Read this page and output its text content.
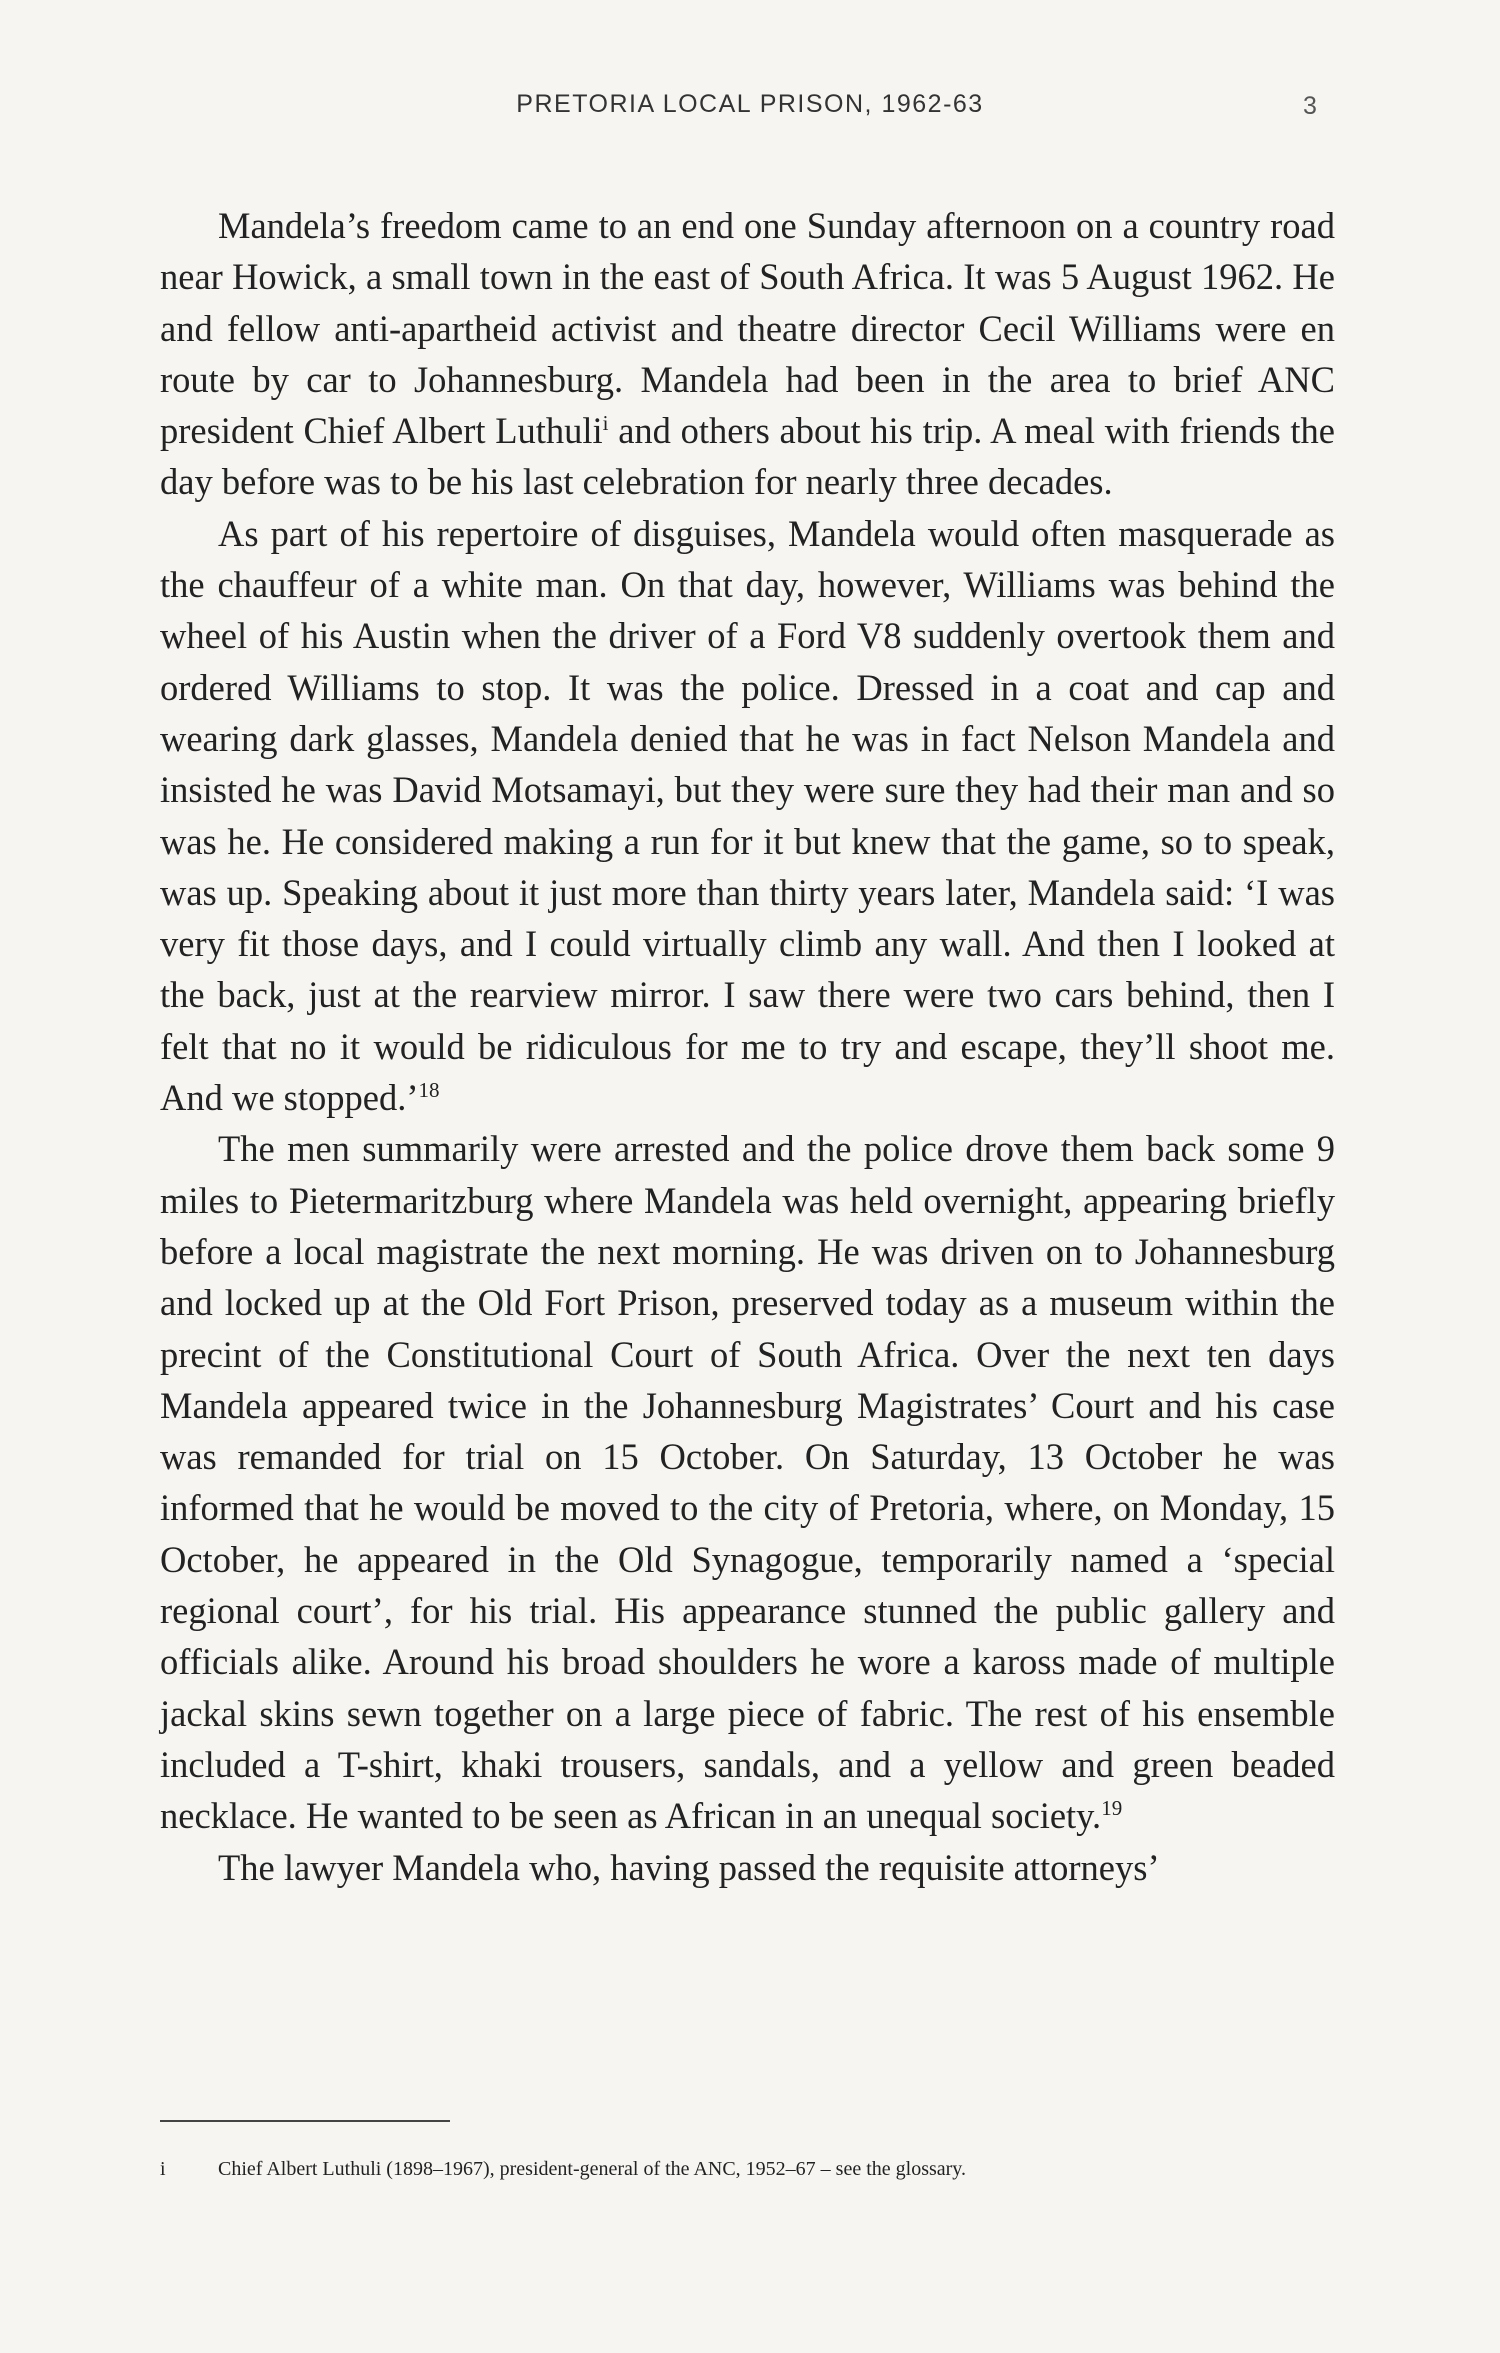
PRETORIA LOCAL PRISON, 1962-63	3

Mandela’s freedom came to an end one Sunday afternoon on a country road near Howick, a small town in the east of South Africa. It was 5 August 1962. He and fellow anti-apartheid activist and theatre director Cecil Williams were en route by car to Johannesburg. Mandela had been in the area to brief ANC president Chief Albert Luthuli$^i$ and others about his trip. A meal with friends the day before was to be his last celebration for nearly three decades.

As part of his repertoire of disguises, Mandela would often masquerade as the chauffeur of a white man. On that day, however, Williams was behind the wheel of his Austin when the driver of a Ford V8 suddenly overtook them and ordered Williams to stop. It was the police. Dressed in a coat and cap and wearing dark glasses, Mandela denied that he was in fact Nelson Mandela and insisted he was David Motsamayi, but they were sure they had their man and so was he. He considered making a run for it but knew that the game, so to speak, was up. Speaking about it just more than thirty years later, Mandela said: ‘I was very fit those days, and I could virtually climb any wall. And then I looked at the back, just at the rearview mirror. I saw there were two cars behind, then I felt that no it would be ridiculous for me to try and escape, they’ll shoot me. And we stopped.’$^{18}$

The men summarily were arrested and the police drove them back some 9 miles to Pietermaritzburg where Mandela was held overnight, appearing briefly before a local magistrate the next morning. He was driven on to Johannesburg and locked up at the Old Fort Prison, preserved today as a museum within the precint of the Constitutional Court of South Africa. Over the next ten days Mandela appeared twice in the Johannesburg Magistrates’ Court and his case was remanded for trial on 15 October. On Saturday, 13 October he was informed that he would be moved to the city of Pretoria, where, on Monday, 15 October, he appeared in the Old Synagogue, temporarily named a ‘special regional court’, for his trial. His appearance stunned the public gallery and officials alike. Around his broad shoulders he wore a kaross made of multiple jackal skins sewn together on a large piece of fabric. The rest of his ensemble included a T-shirt, khaki trousers, sandals, and a yellow and green beaded necklace. He wanted to be seen as African in an unequal society.$^{19}$

The lawyer Mandela who, having passed the requisite attorneys’

i	Chief Albert Luthuli (1898–1967), president-general of the ANC, 1952–67 – see the glossary.
